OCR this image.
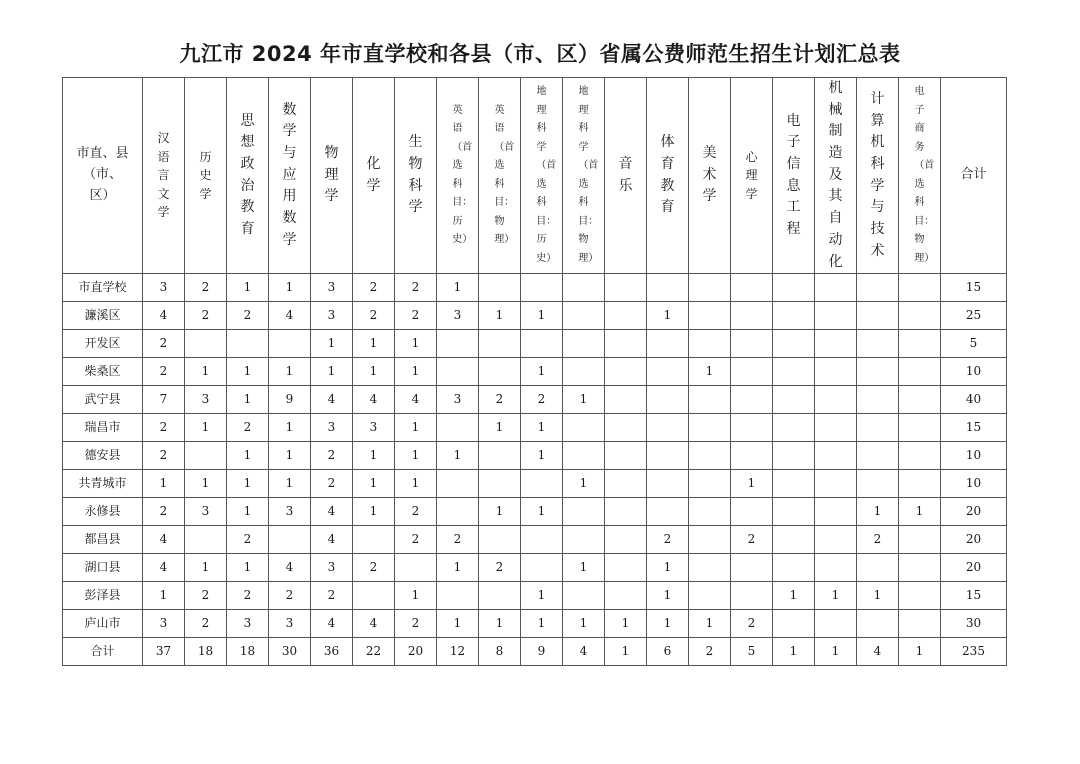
九江市 2024 年市直学校和各县（市、区）省属公费师范生招生计划汇总表
市直、县（市、区）	汉语言文学	历史学	思想政治教育	数学与应用数学	物理学	化学	生物科学	英语（首选科目：历史）	英语（首选科目：物理）	地理科学（首选科目：历史）	地理科学（首选科目：物理）	音乐	体育教育	美术学	心理学	电子信息工程	机械制造及其自动化	计算机科学与技术	电子商务（首选科目：物理）	合计
市直学校	3	2	1	1	3	2	2	1												15
濂溪区	4	2	2	4	3	2	2	3	1	1			1							25
开发区	2				1	1	1													5
柴桑区	2	1	1	1	1	1	1			1				1						10
武宁县	7	3	1	9	4	4	4	3	2	2	1									40
瑞昌市	2	1	2	1	3	3	1		1	1										15
德安县	2		1	1	2	1	1	1		1										10
共青城市	1	1	1	1	2	1	1				1				1					10
永修县	2	3	1	3	4	1	2		1	1								1	1	20
都昌县	4		2		4		2	2					2		2			2		20
湖口县	4	1	1	4	3	2		1	2		1		1							20
彭泽县	1	2	2	2	2		1			1			1			1	1	1		15
庐山市	3	2	3	3	4	4	2	1	1	1	1	1	1	1	2					30
合计	37	18	18	30	36	22	20	12	8	9	4	1	6	2	5	1	1	4	1	235
